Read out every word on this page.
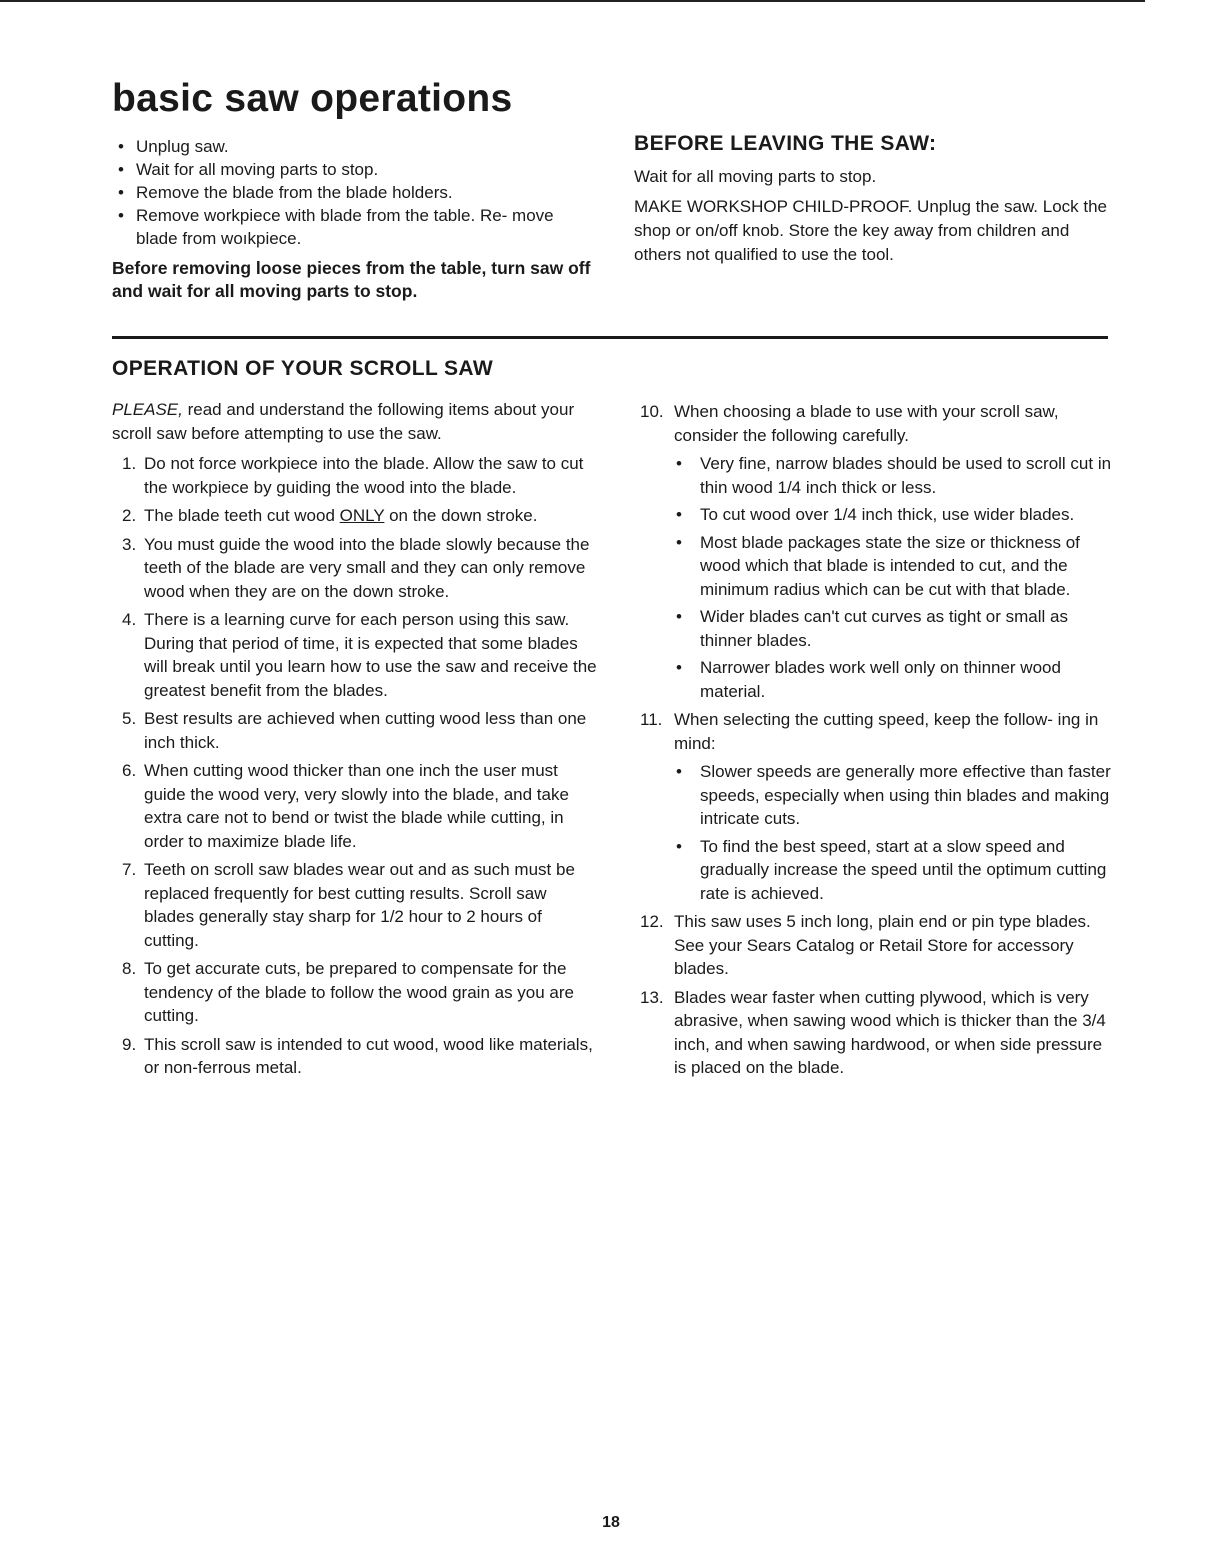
basic saw operations
• Unplug saw.
• Wait for all moving parts to stop.
• Remove the blade from the blade holders.
• Remove workpiece with blade from the table. Re- move blade from woıkpiece.

Before removing loose pieces from the table, turn saw off and wait for all moving parts to stop.

BEFORE LEAVING THE SAW:

Wait for all moving parts to stop.

MAKE WORKSHOP CHILD-PROOF. Unplug the saw. Lock the shop or on/off knob. Store the key away from children and others not qualified to use the tool.

OPERATION OF YOUR SCROLL SAW

PLEASE, read and understand the following items about your scroll saw before attempting to use the saw.

1. Do not force workpiece into the blade. Allow the saw to cut the workpiece by guiding the wood into the blade.
2. The blade teeth cut wood ONLY on the down stroke.
3. You must guide the wood into the blade slowly because the teeth of the blade are very small and they can only remove wood when they are on the down stroke.
4. There is a learning curve for each person using this saw. During that period of time, it is expected that some blades will break until you learn how to use the saw and receive the greatest benefit from the blades.
5. Best results are achieved when cutting wood less than one inch thick.
6. When cutting wood thicker than one inch the user must guide the wood very, very slowly into the blade, and take extra care not to bend or twist the blade while cutting, in order to maximize blade life.
7. Teeth on scroll saw blades wear out and as such must be replaced frequently for best cutting results. Scroll saw blades generally stay sharp for 1/2 hour to 2 hours of cutting.
8. To get accurate cuts, be prepared to compensate for the tendency of the blade to follow the wood grain as you are cutting.
9. This scroll saw is intended to cut wood, wood like materials, or non-ferrous metal.
10. When choosing a blade to use with your scroll saw, consider the following carefully.
• Very fine, narrow blades should be used to scroll cut in thin wood 1/4 inch thick or less.
• To cut wood over 1/4 inch thick, use wider blades.
• Most blade packages state the size or thickness of wood which that blade is intended to cut, and the minimum radius which can be cut with that blade.
• Wider blades can't cut curves as tight or small as thinner blades.
• Narrower blades work well only on thinner wood material.
11. When selecting the cutting speed, keep the follow- ing in mind:
• Slower speeds are generally more effective than faster speeds, especially when using thin blades and making intricate cuts.
• To find the best speed, start at a slow speed and gradually increase the speed until the optimum cutting rate is achieved.
12. This saw uses 5 inch long, plain end or pin type blades. See your Sears Catalog or Retail Store for accessory blades.
13. Blades wear faster when cutting plywood, which is very abrasive, when sawing wood which is thicker than the 3/4 inch, and when sawing hardwood, or when side pressure is placed on the blade.

18
